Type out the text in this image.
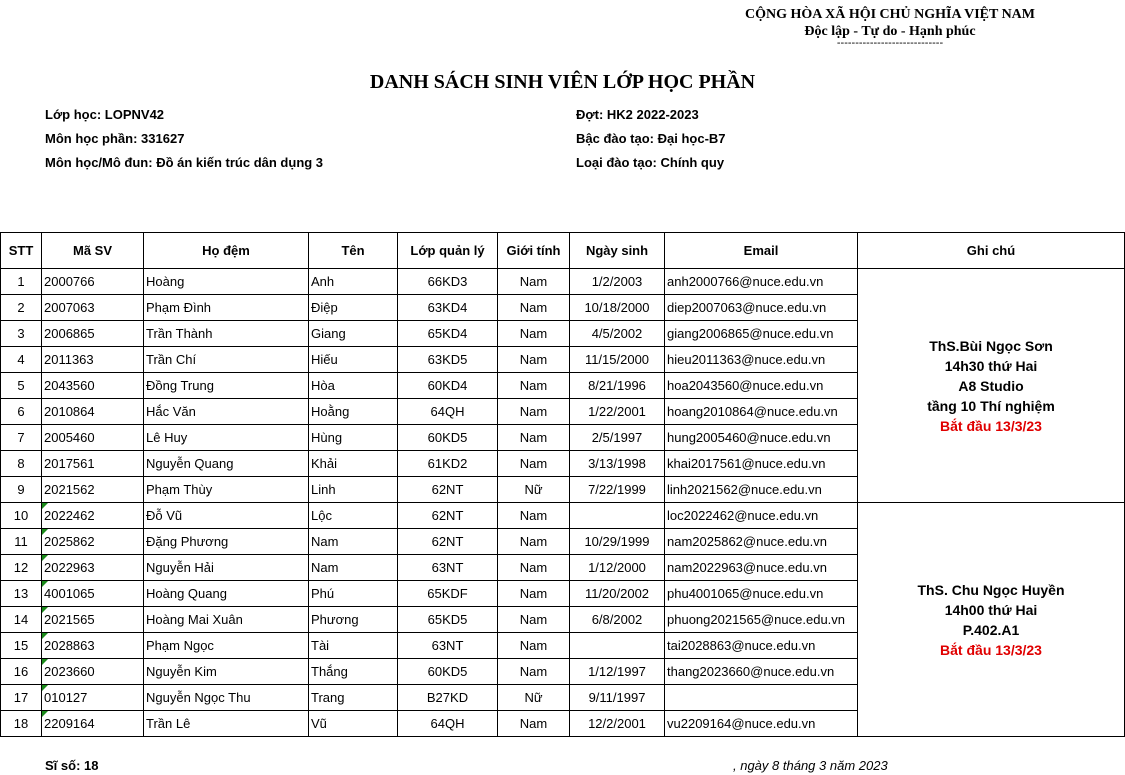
CỘNG HÒA XÃ HỘI CHỦ NGHĨA VIỆT NAM
Độc lập - Tự do - Hạnh phúc
-----------------------------
DANH SÁCH SINH VIÊN LỚP HỌC PHẦN
Lớp học: LOPNV42
Môn học phần: 331627
Môn học/Mô đun: Đồ án kiến trúc dân dụng 3
Đợt: HK2 2022-2023
Bậc đào tạo: Đại học-B7
Loại đào tạo: Chính quy
STT	Mã SV	Họ đệm	Tên	Lớp quản lý	Giới tính	Ngày sinh	Email	Ghi chú
1	2000766	Hoàng	Anh	66KD3	Nam	1/2/2003	anh2000766@nuce.edu.vn	ThS.Bùi Ngọc Sơn
14h30 thứ Hai
A8 Studio
tầng 10 Thí nghiệm
Bắt đầu 13/3/23

2	2007063	Phạm Đình	Điệp	63KD4	Nam	10/18/2000	diep2007063@nuce.edu.vn	
3	2006865	Trần Thành	Giang	65KD4	Nam	4/5/2002	giang2006865@nuce.edu.vn	
4	2011363	Trần Chí	Hiếu	63KD5	Nam	11/15/2000	hieu2011363@nuce.edu.vn	
5	2043560	Đồng Trung	Hòa	60KD4	Nam	8/21/1996	hoa2043560@nuce.edu.vn	
6	2010864	Hắc Văn	Hoằng	64QH	Nam	1/22/2001	hoang2010864@nuce.edu.vn	
7	2005460	Lê Huy	Hùng	60KD5	Nam	2/5/1997	hung2005460@nuce.edu.vn	
8	2017561	Nguyễn Quang	Khải	61KD2	Nam	3/13/1998	khai2017561@nuce.edu.vn	
9	2021562	Phạm Thùy	Linh	62NT	Nữ	7/22/1999	linh2021562@nuce.edu.vn	
10	2022462	Đỗ Vũ	Lộc	62NT	Nam		loc2022462@nuce.edu.vn	ThS. Chu Ngọc Huyền
14h00 thứ Hai
P.402.A1
Bắt đầu 13/3/23

11	2025862	Đặng Phương	Nam	62NT	Nam	10/29/1999	nam2025862@nuce.edu.vn	
12	2022963	Nguyễn Hải	Nam	63NT	Nam	1/12/2000	nam2022963@nuce.edu.vn	
13	4001065	Hoàng Quang	Phú	65KDF	Nam	11/20/2002	phu4001065@nuce.edu.vn	
14	2021565	Hoàng Mai Xuân	Phương	65KD5	Nam	6/8/2002	phuong2021565@nuce.edu.vn	
15	2028863	Phạm Ngọc	Tài	63NT	Nam		tai2028863@nuce.edu.vn	
16	2023660	Nguyễn Kim	Thắng	60KD5	Nam	1/12/1997	thang2023660@nuce.edu.vn	
17	010127	Nguyễn Ngọc Thu	Trang	B27KD	Nữ	9/11/1997		
18	2209164	Trần Lê	Vũ	64QH	Nam	12/2/2001	vu2209164@nuce.edu.vn	
Sĩ số: 18	, ngày 8 tháng 3 năm 2023
